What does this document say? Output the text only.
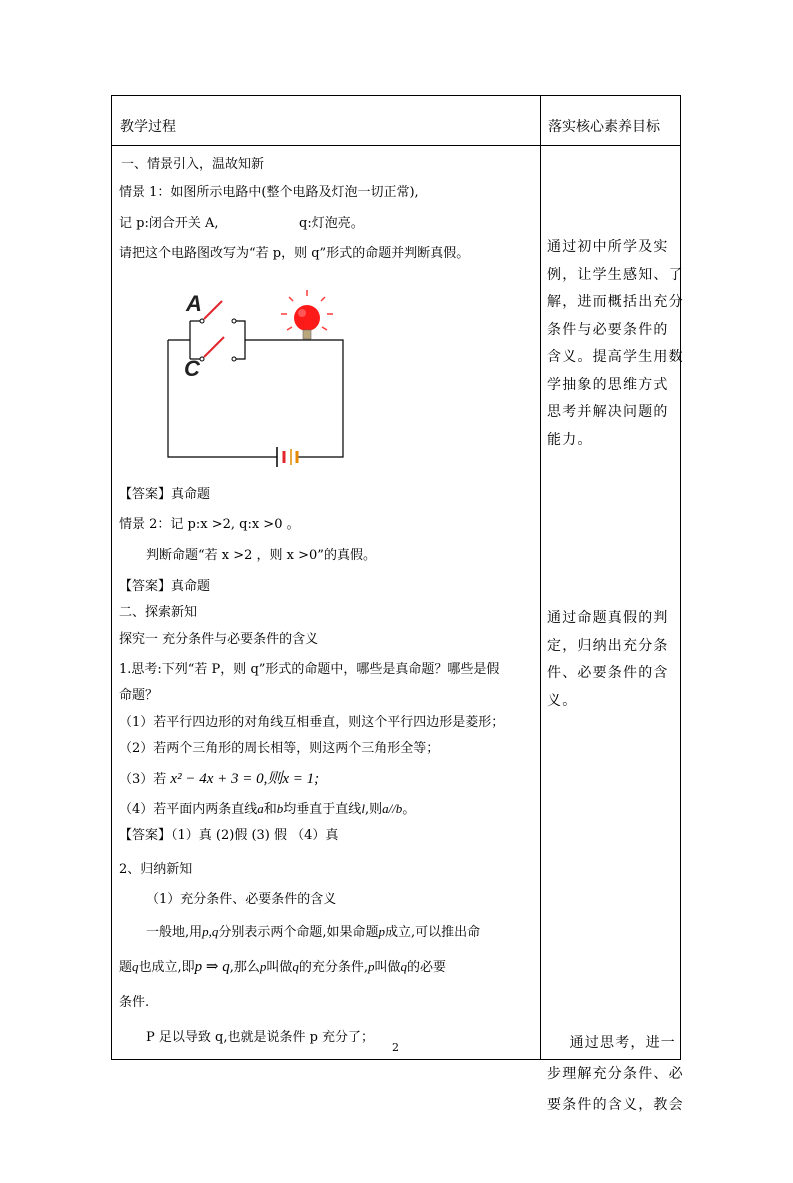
教学过程	落实核心素养目标
一、情景引入，温故知新
情景 1：如图所示电路中(整个电路及灯泡一切正常),
记 p:闭合开关 A,	q:灯泡亮。
请把这个电路图改写为“若 p，则 q”形式的命题并判断真假。
A
C
【答案】真命题
情景 2：记 p:x >2, q:x >0 。
判断命题“若 x >2 ，则 x >0”的真假。
【答案】真命题
二、探索新知
探究一 充分条件与必要条件的含义
1.思考:下列“若 P，则 q”形式的命题中，哪些是真命题？哪些是假
命题？
（1）若平行四边形的对角线互相垂直，则这个平行四边形是菱形；
（2）若两个三角形的周长相等，则这两个三角形全等；
（3）若 x² − 4x + 3 = 0,则x = 1;
（4）若平面内两条直线a和b均垂直于直线l,则a//b。
【答案】（1）真 (2)假 (3) 假 （4）真
2、归纳新知
（1）充分条件、必要条件的含义
一般地,用p,q分别表示两个命题,如果命题p成立,可以推出命
题q也成立,即p ⇒ q,那么p叫做q的充分条件,p叫做q的必要
条件.
P 足以导致 q,也就是说条件 p 充分了；
通过初中所学及实
例，让学生感知、了
解，进而概括出充分
条件与必要条件的
含义。提高学生用数
学抽象的思维方式
思考并解决问题的
能力。
通过命题真假的判
定，归纳出充分条
件、必要条件的含
义。

通过思考，进一
步理解充分条件、必
要条件的含义，教会

2
